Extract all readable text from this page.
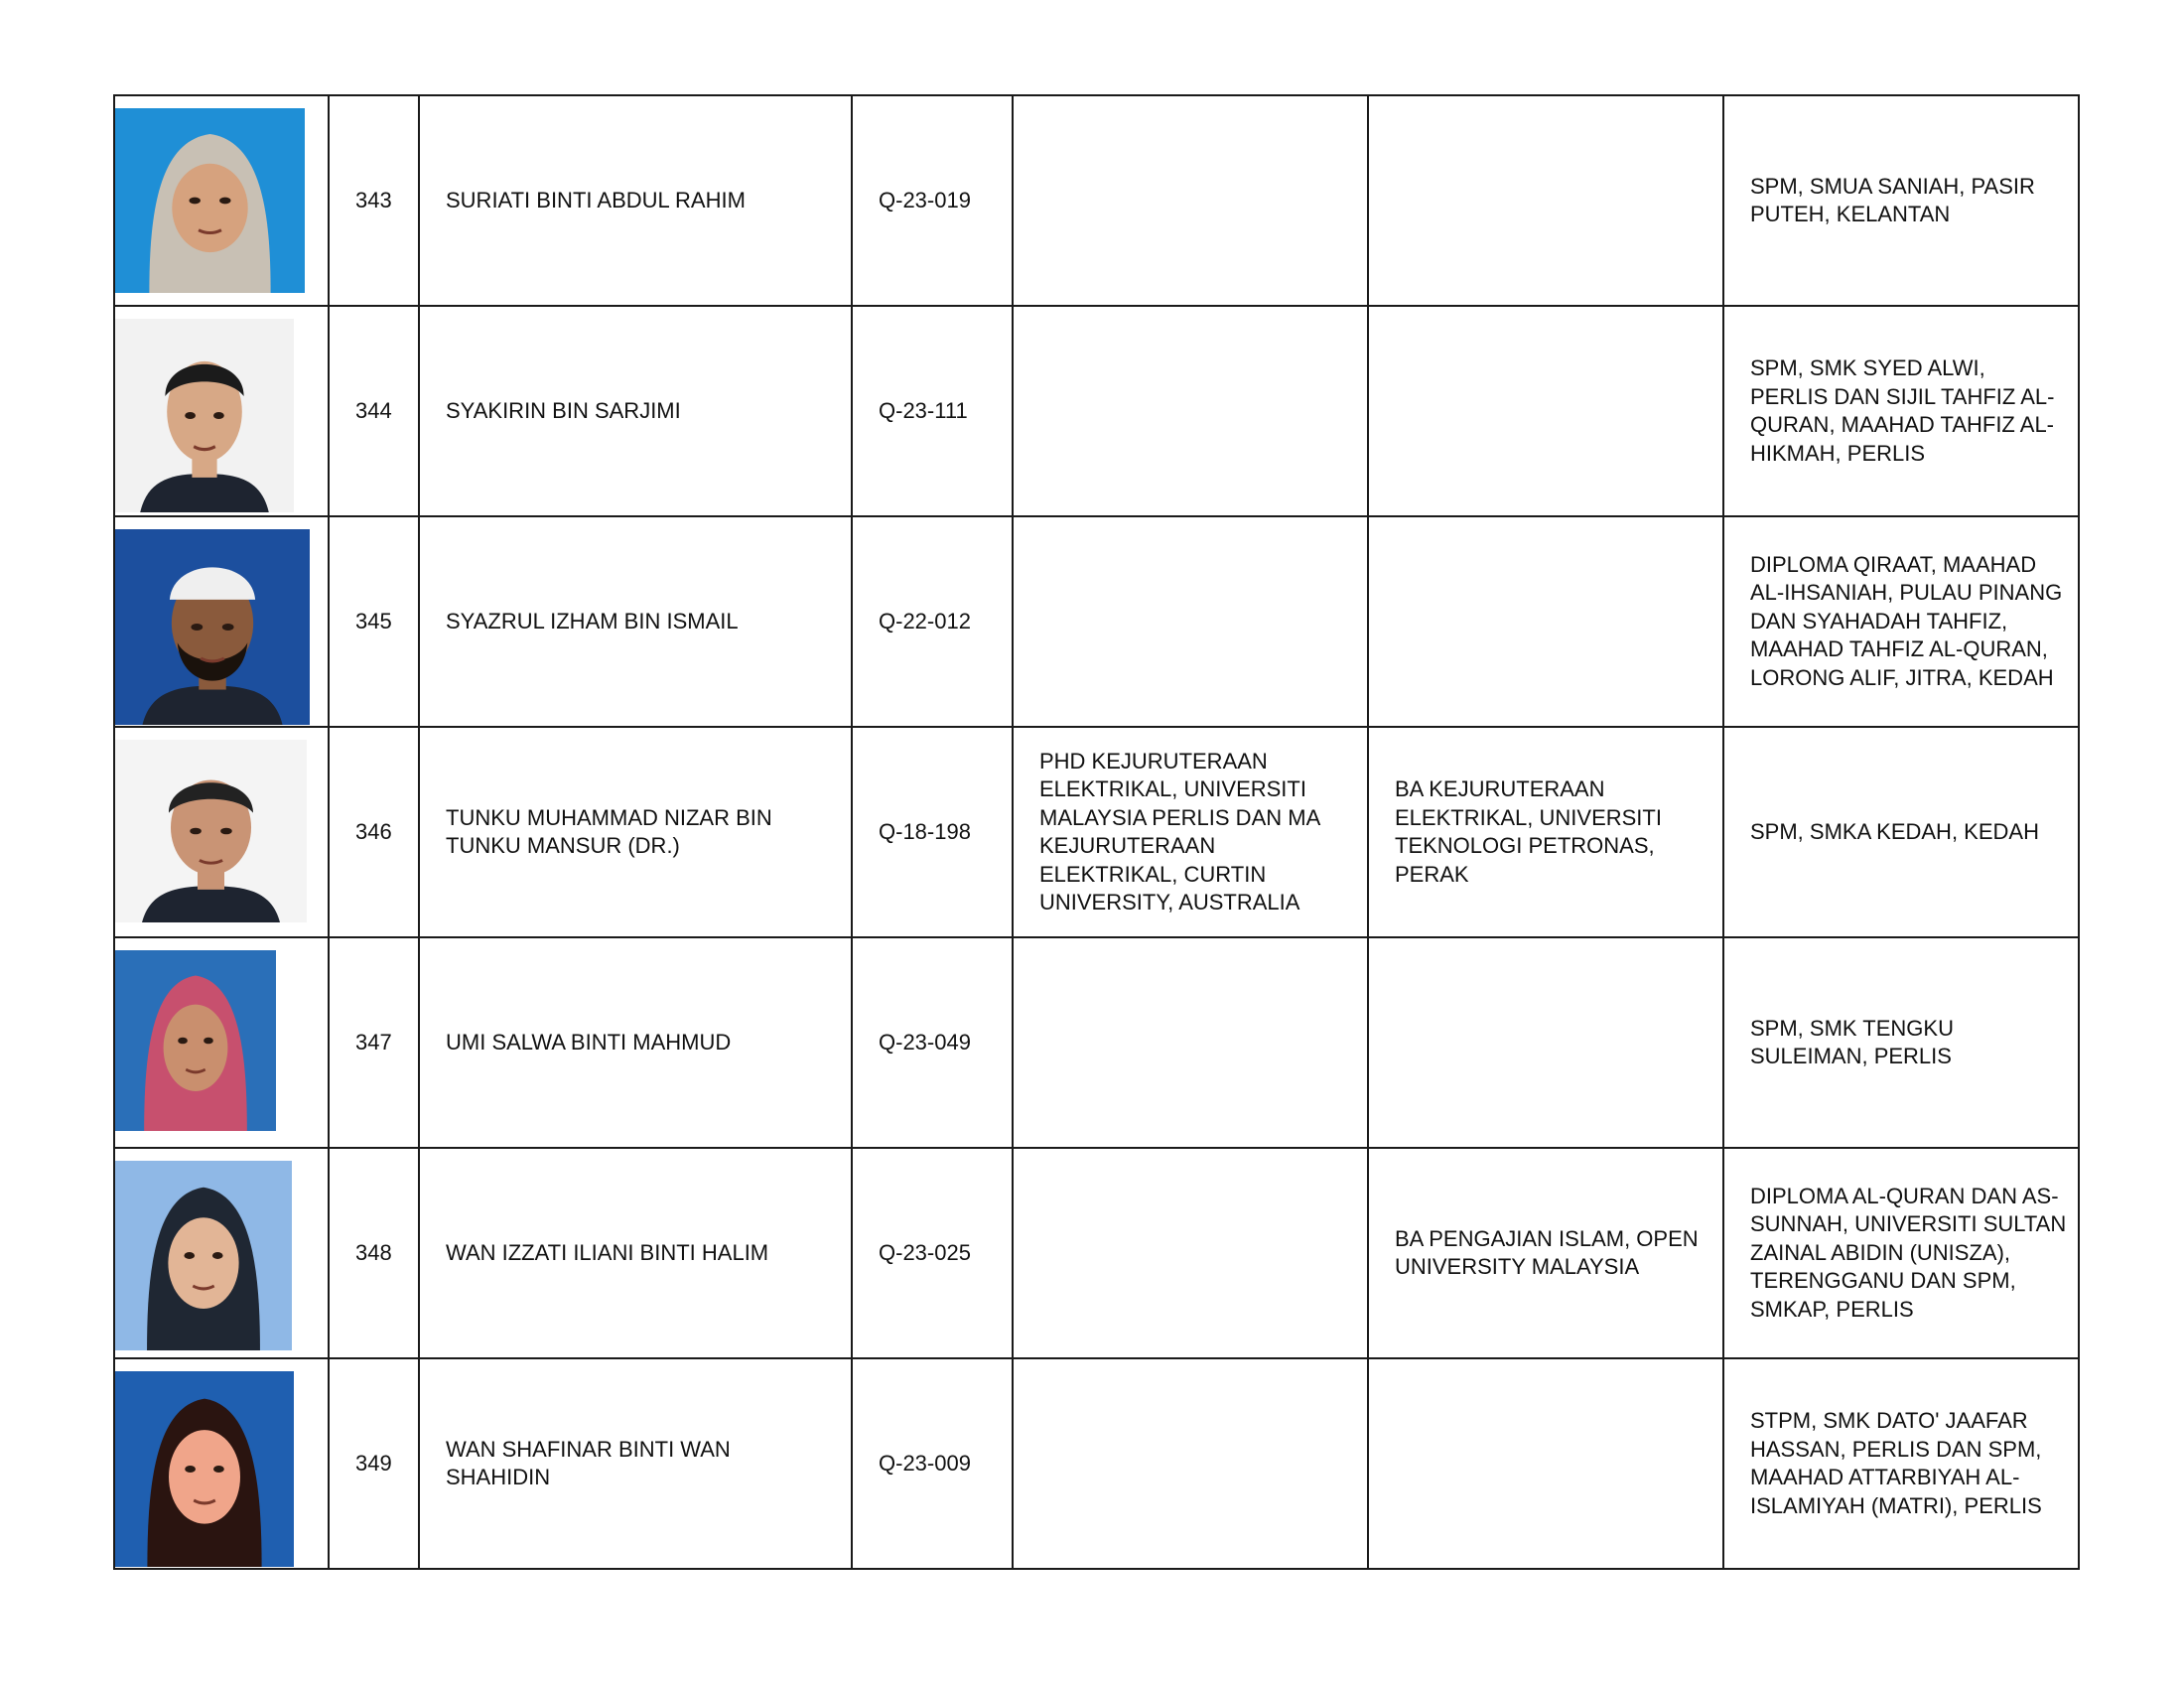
	343	SURIATI BINTI ABDUL RAHIM	Q-23-019			SPM, SMUA SANIAH, PASIR PUTEH, KELANTAN

	344	SYAKIRIN BIN SARJIMI	Q-23-111			SPM, SMK SYED ALWI, PERLIS DAN SIJIL TAHFIZ AL-QURAN, MAAHAD TAHFIZ AL-HIKMAH, PERLIS

	345	SYAZRUL IZHAM BIN ISMAIL	Q-22-012			DIPLOMA QIRAAT, MAAHAD AL-IHSANIAH, PULAU PINANG DAN SYAHADAH TAHFIZ, MAAHAD TAHFIZ AL-QURAN, LORONG ALIF, JITRA, KEDAH

	346	TUNKU MUHAMMAD NIZAR BIN TUNKU MANSUR (DR.)	Q-18-198	PHD KEJURUTERAAN ELEKTRIKAL, UNIVERSITI MALAYSIA PERLIS DAN MA KEJURUTERAAN ELEKTRIKAL, CURTIN UNIVERSITY, AUSTRALIA	BA KEJURUTERAAN ELEKTRIKAL, UNIVERSITI TEKNOLOGI PETRONAS, PERAK	SPM, SMKA KEDAH, KEDAH

	347	UMI SALWA BINTI MAHMUD	Q-23-049			SPM, SMK TENGKU SULEIMAN, PERLIS

	348	WAN IZZATI ILIANI BINTI HALIM	Q-23-025		BA PENGAJIAN ISLAM, OPEN UNIVERSITY MALAYSIA	DIPLOMA AL-QURAN DAN AS-SUNNAH, UNIVERSITI SULTAN ZAINAL ABIDIN (UNISZA), TERENGGANU DAN SPM, SMKAP, PERLIS

	349	WAN SHAFINAR BINTI WAN SHAHIDIN	Q-23-009			STPM, SMK DATO' JAAFAR HASSAN, PERLIS DAN SPM, MAAHAD ATTARBIYAH AL-ISLAMIYAH (MATRI), PERLIS
